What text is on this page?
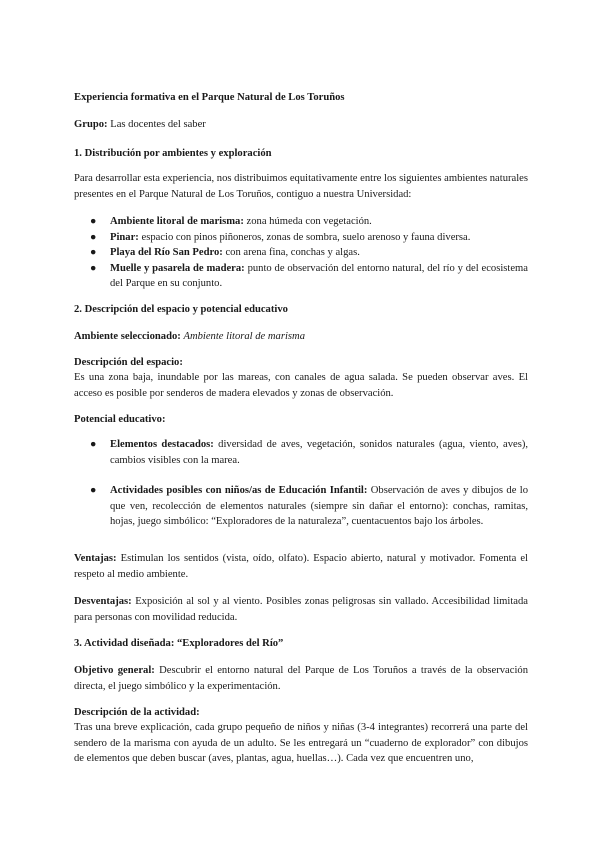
Experiencia formativa en el Parque Natural de Los Toruños
Grupo: Las docentes del saber
1. Distribución por ambientes y exploración
Para desarrollar esta experiencia, nos distribuimos equitativamente entre los siguientes ambientes naturales presentes en el Parque Natural de Los Toruños, contiguo a nuestra Universidad:
● Ambiente litoral de marisma: zona húmeda con vegetación.
● Pinar: espacio con pinos piñoneros, zonas de sombra, suelo arenoso y fauna diversa.
● Playa del Río San Pedro: con arena fina, conchas y algas.
● Muelle y pasarela de madera: punto de observación del entorno natural, del río y del ecosistema del Parque en su conjunto.
2. Descripción del espacio y potencial educativo
Ambiente seleccionado: Ambiente litoral de marisma
Descripción del espacio:
Es una zona baja, inundable por las mareas, con canales de agua salada. Se pueden observar aves. El acceso es posible por senderos de madera elevados y zonas de observación.
Potencial educativo:
● Elementos destacados: diversidad de aves, vegetación, sonidos naturales (agua, viento, aves), cambios visibles con la marea.
● Actividades posibles con niños/as de Educación Infantil: Observación de aves y dibujos de lo que ven, recolección de elementos naturales (siempre sin dañar el entorno): conchas, ramitas, hojas, juego simbólico: “Exploradores de la naturaleza”, cuentacuentos bajo los árboles.
Ventajas: Estimulan los sentidos (vista, oído, olfato). Espacio abierto, natural y motivador. Fomenta el respeto al medio ambiente.
Desventajas: Exposición al sol y al viento. Posibles zonas peligrosas sin vallado. Accesibilidad limitada para personas con movilidad reducida.
3. Actividad diseñada: “Exploradores del Río”
Objetivo general: Descubrir el entorno natural del Parque de Los Toruños a través de la observación directa, el juego simbólico y la experimentación.
Descripción de la actividad:
Tras una breve explicación, cada grupo pequeño de niños y niñas (3-4 integrantes) recorrerá una parte del sendero de la marisma con ayuda de un adulto. Se les entregará un “cuaderno de explorador” con dibujos de elementos que deben buscar (aves, plantas, agua, huellas…). Cada vez que encuentren uno,
